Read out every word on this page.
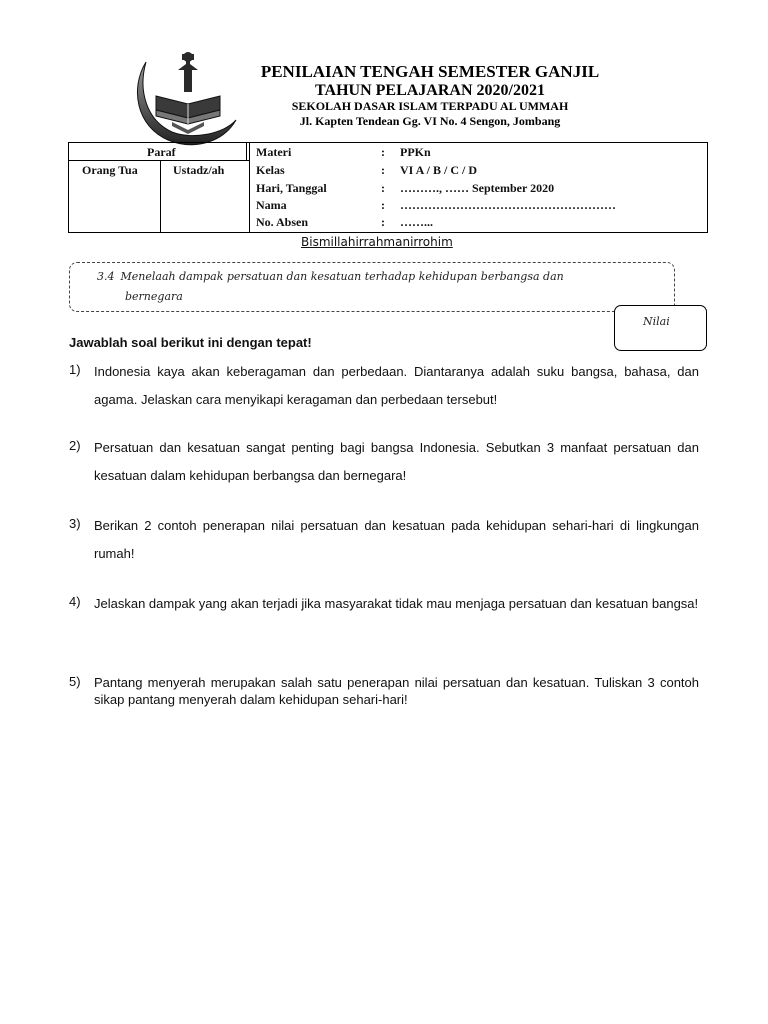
PENILAIAN TENGAH SEMESTER GANJIL
TAHUN PELAJARAN 2020/2021
SEKOLAH DASAR ISLAM TERPADU AL UMMAH
Jl. Kapten Tendean Gg. VI No. 4 Sengon, Jombang
Paraf
Orang Tua	Ustadz/ah
Materi	: PPKn
Kelas	: VI A / B / C / D
Hari, Tanggal	: ………., …… September 2020
Nama	: ………………………………………………
No. Absen	: ……...
Bismillahirrahmanirrohim
3.4 Menelaah dampak persatuan dan kesatuan terhadap kehidupan berbangsa dan
bernegara
Nilai
Jawablah soal berikut ini dengan tepat!
1) Indonesia kaya akan keberagaman dan perbedaan. Diantaranya adalah suku bangsa, bahasa, dan agama. Jelaskan cara menyikapi keragaman dan perbedaan tersebut!
2) Persatuan dan kesatuan sangat penting bagi bangsa Indonesia. Sebutkan 3 manfaat persatuan dan kesatuan dalam kehidupan berbangsa dan bernegara!
3) Berikan 2 contoh penerapan nilai persatuan dan kesatuan pada kehidupan sehari-hari di lingkungan rumah!
4) Jelaskan dampak yang akan terjadi jika masyarakat tidak mau menjaga persatuan dan kesatuan bangsa!
5) Pantang menyerah merupakan salah satu penerapan nilai persatuan dan kesatuan. Tuliskan 3 contoh sikap pantang menyerah dalam kehidupan sehari-hari!
